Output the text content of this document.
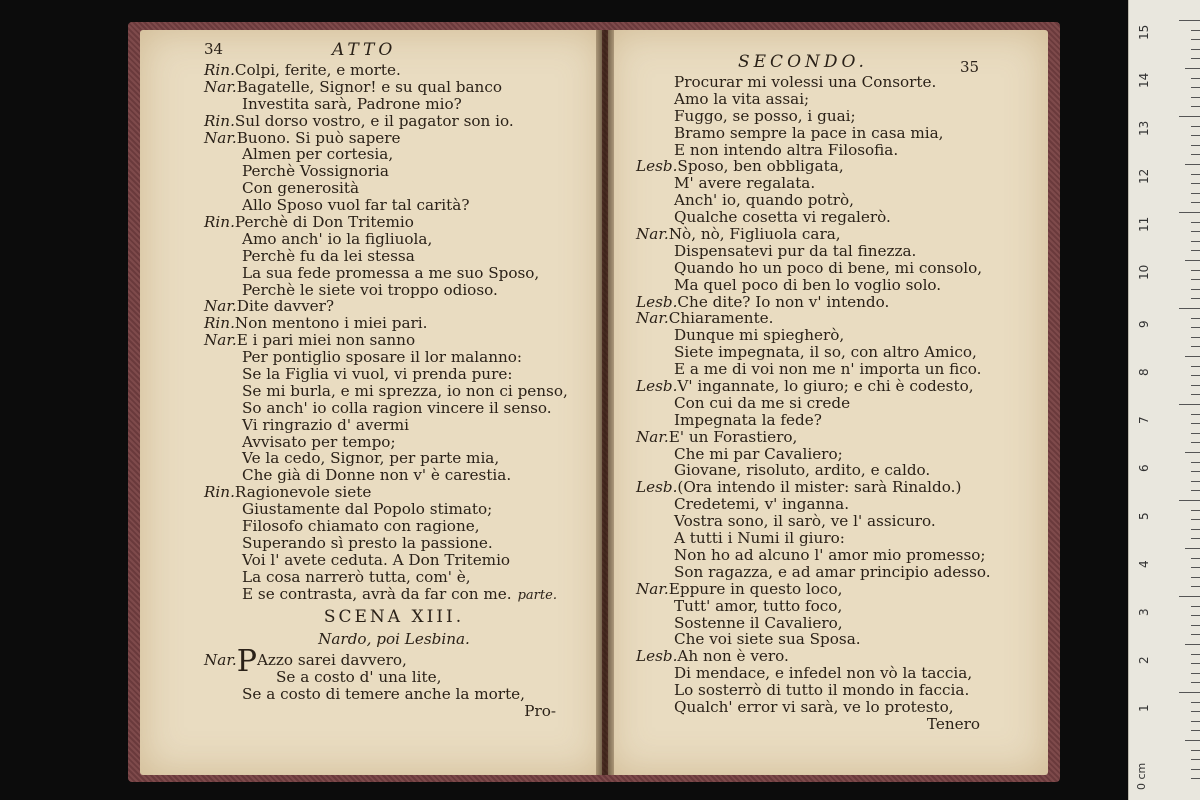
15
14
13
12
11
10
9
8
7
6
5
4
3
2
1
0 cm
34	ATTO
Rin.Colpi, ferite, e morte.
Nar.Bagatelle, Signor! e su qual banco
Investita sarà, Padrone mio?
Rin.Sul dorso vostro, e il pagator son io.
Nar.Buono. Si può sapere
Almen per cortesia,
Perchè Vossignoria
Con generosità
Allo Sposo vuol far tal carità?
Rin.Perchè di Don Tritemio
Amo anch' io la figliuola,
Perchè fu da lei stessa
La sua fede promessa a me suo Sposo,
Perchè le siete voi troppo odioso.
Nar.Dite davver?
Rin.Non mentono i miei pari.
Nar.E i pari miei non sanno
Per pontiglio sposare il lor malanno:
Se la Figlia vi vuol, vi prenda pure:
Se mi burla, e mi sprezza, io non ci penso,
So anch' io colla ragion vincere il senso.
Vi ringrazio d' avermi
Avvisato per tempo;
Ve la cedo, Signor, per parte mia,
Che già di Donne non v' è carestia.
Rin.Ragionevole siete
Giustamente dal Popolo stimato;
Filosofo chiamato con ragione,
Superando sì presto la passione.
Voi l' avete ceduta. A Don Tritemio
La cosa narrerò tutta, com' è,
E se contrasta, avrà da far con me.parte.
SCENA XIII.
Nardo, poi Lesbina.
Nar.PAzzo sarei davvero,
Se a costo d' una lite,
Se a costo di temere anche la morte,
Pro-
SECONDO.	35
Procurar mi volessi una Consorte.
Amo la vita assai;
Fuggo, se posso, i guai;
Bramo sempre la pace in casa mia,
E non intendo altra Filosofia.
Lesb.Sposo, ben obbligata,
M' avere regalata.
Anch' io, quando potrò,
Qualche cosetta vi regalerò.
Nar.Nò, nò, Figliuola cara,
Dispensatevi pur da tal finezza.
Quando ho un poco di bene, mi consolo,
Ma quel poco di ben lo voglio solo.
Lesb.Che dite? Io non v' intendo.
Nar.Chiaramente.
Dunque mi spiegherò,
Siete impegnata, il so, con altro Amico,
E a me di voi non me n' importa un fico.
Lesb.V' ingannate, lo giuro; e chi è codesto,
Con cui da me si crede
Impegnata la fede?
Nar.E' un Forastiero,
Che mi par Cavaliero;
Giovane, risoluto, ardito, e caldo.
Lesb.(Ora intendo il mister: sarà Rinaldo.)
Credetemi, v' inganna.
Vostra sono, il sarò, ve l' assicuro.
A tutti i Numi il giuro:
Non ho ad alcuno l' amor mio promesso;
Son ragazza, e ad amar principio adesso.
Nar.Eppure in questo loco,
Tutt' amor, tutto foco,
Sostenne il Cavaliero,
Che voi siete sua Sposa.
Lesb.Ah non è vero.
Di mendace, e infedel non vò la taccia,
Lo sosterrò di tutto il mondo in faccia.
Qualch' error vi sarà, ve lo protesto,
Tenero
